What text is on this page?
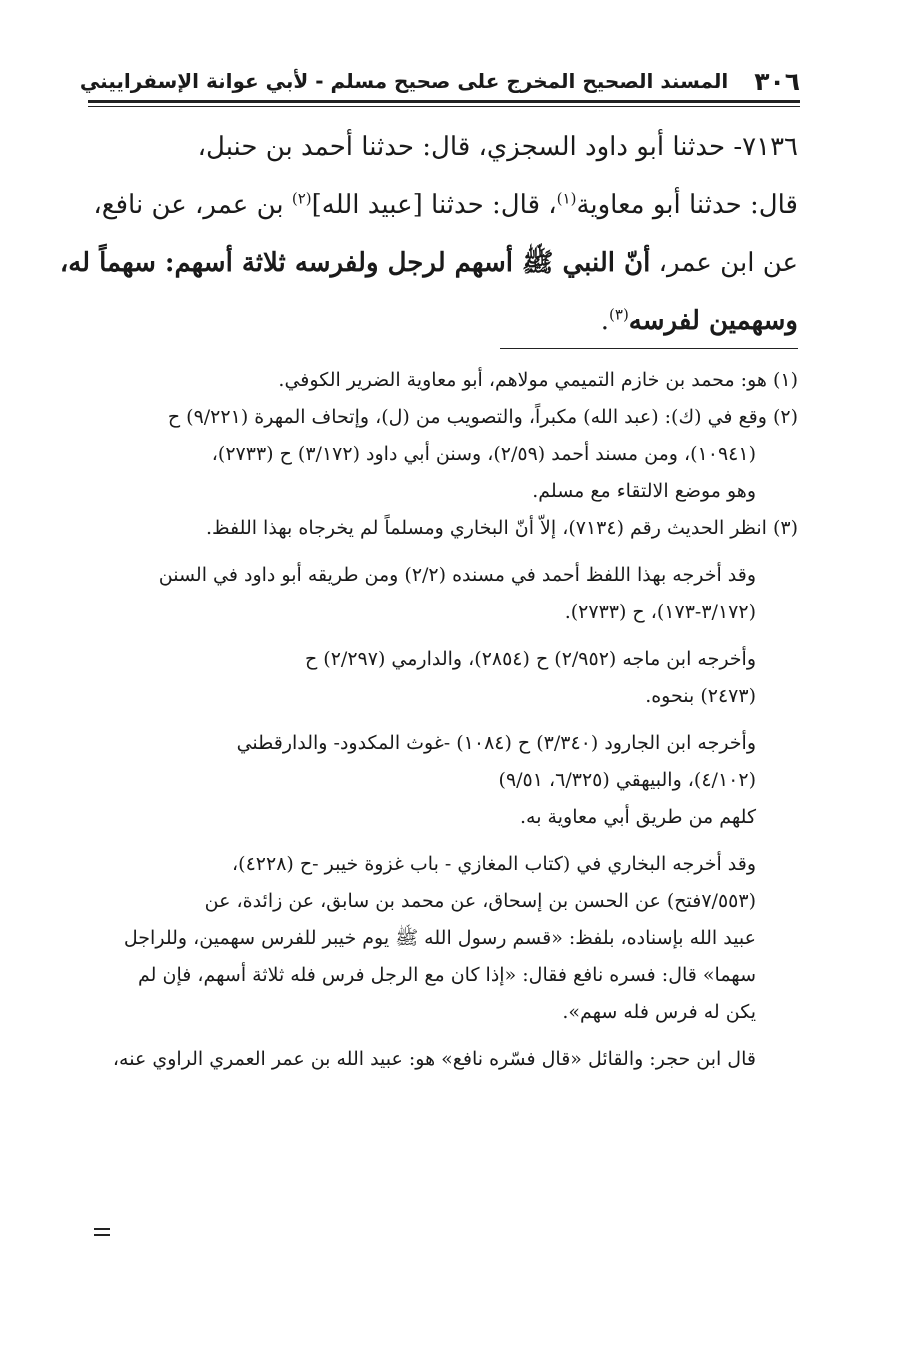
٣٠٦
المسند الصحيح المخرج على صحيح مسلم - لأبي عوانة الإسفراييني
٧١٣٦- حدثنا أبو داود السجزي، قال: حدثنا أحمد بن حنبل،
قال: حدثنا أبو معاوية$^{(١)}$، قال: حدثنا [عبيد الله]$^{(٢)}$ بن عمر، عن نافع،
عن ابن عمر، أنّ النبي ﷺ أسهم لرجل ولفرسه ثلاثة أسهم: سهماً له،
وسهمين لفرسه$^{(٣)}$.
(١) هو: محمد بن خازم التميمي مولاهم، أبو معاوية الضرير الكوفي.
(٢) وقع في (ك): (عبد الله) مكبراً، والتصويب من (ل)، وإتحاف المهرة (٩/٢٢١) ح
(١٠٩٤١)، ومن مسند أحمد (٢/٥٩)، وسنن أبي داود (٣/١٧٢) ح (٢٧٣٣)،
وهو موضع الالتقاء مع مسلم.
(٣) انظر الحديث رقم (٧١٣٤)، إلاّ أنّ البخاري ومسلماً لم يخرجاه بهذا اللفظ.
وقد أخرجه بهذا اللفظ أحمد في مسنده (٢/٢) ومن طريقه أبو داود في السنن
(٣/١٧٢-١٧٣)، ح (٢٧٣٣).
وأخرجه ابن ماجه (٢/٩٥٢) ح (٢٨٥٤)، والدارمي (٢/٢٩٧) ح
(٢٤٧٣) بنحوه.
وأخرجه ابن الجارود (٣/٣٤٠) ح (١٠٨٤) -غوث المكدود- والدارقطني
(٤/١٠٢)، والبيهقي (٦/٣٢٥، ٩/٥١)
كلهم من طريق أبي معاوية به.
وقد أخرجه البخاري في (كتاب المغازي - باب غزوة خيبر -ح (٤٢٢٨)،
(٧/٥٥٣فتح) عن الحسن بن إسحاق، عن محمد بن سابق، عن زائدة، عن
عبيد الله بإسناده، بلفظ: «قسم رسول الله ﷺ يوم خيبر للفرس سهمين، وللراجل
سهما» قال: فسره نافع فقال: «إذا كان مع الرجل فرس فله ثلاثة أسهم، فإن لم
يكن له فرس فله سهم».
قال ابن حجر: والقائل «قال فسّره نافع» هو: عبيد الله بن عمر العمري الراوي عنه،
